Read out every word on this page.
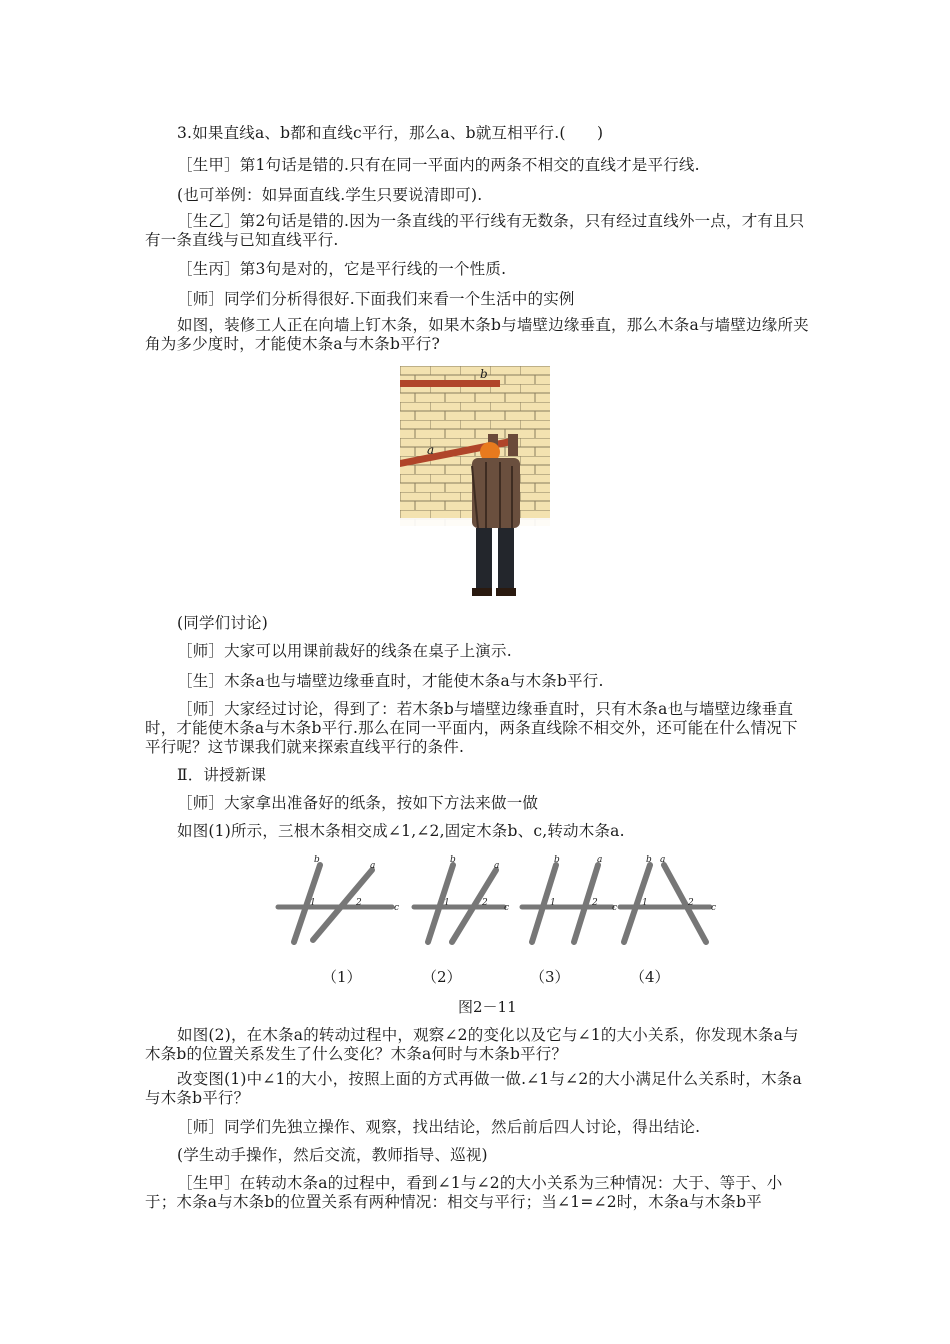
3.如果直线a、b都和直线c平行，那么a、b就互相平行.(　　)
［生甲］第1句话是错的.只有在同一平面内的两条不相交的直线才是平行线.
(也可举例：如异面直线.学生只要说清即可).

［生乙］第2句话是错的.因为一条直线的平行线有无数条，只有经过直线外一点，才有且只有一条直线与已知直线平行.

［生丙］第3句是对的，它是平行线的一个性质.
［师］同学们分析得很好.下面我们来看一个生活中的实例

如图，装修工人正在向墙上钉木条，如果木条b与墙壁边缘垂直，那么木条a与墙壁边缘所夹角为多少度时，才能使木条a与木条b平行?

b
a
(同学们讨论)
［师］大家可以用课前裁好的线条在桌子上演示.
［生］木条a也与墙壁边缘垂直时，才能使木条a与木条b平行.

［师］大家经过讨论，得到了：若木条b与墙壁边缘垂直时，只有木条a也与墙壁边缘垂直时，才能使木条a与木条b平行.那么在同一平面内，两条直线除不相交外，还可能在什么情况下平行呢？这节课我们就来探索直线平行的条件.

Ⅱ．讲授新课
［师］大家拿出准备好的纸条，按如下方法来做一做
如图(1)所示，三根木条相交成∠1,∠2,固定木条b、c,转动木条a.
b
a
c
1	2
b
a
c
1	2
b	a
c
1	2
b a
c
1	2
（1）	（2）	（3）	（4）
图2－11

如图(2)，在木条a的转动过程中，观察∠2的变化以及它与∠1的大小关系，你发现木条a与木条b的位置关系发生了什么变化？木条a何时与木条b平行？

改变图(1)中∠1的大小，按照上面的方式再做一做.∠1与∠2的大小满足什么关系时，木条a与木条b平行？

［师］同学们先独立操作、观察，找出结论，然后前后四人讨论，得出结论.
(学生动手操作，然后交流，教师指导、巡视)

［生甲］在转动木条a的过程中，看到∠1与∠2的大小关系为三种情况：大于、等于、小于；木条a与木条b的位置关系有两种情况：相交与平行；当∠1=∠2时，木条a与木条b平
